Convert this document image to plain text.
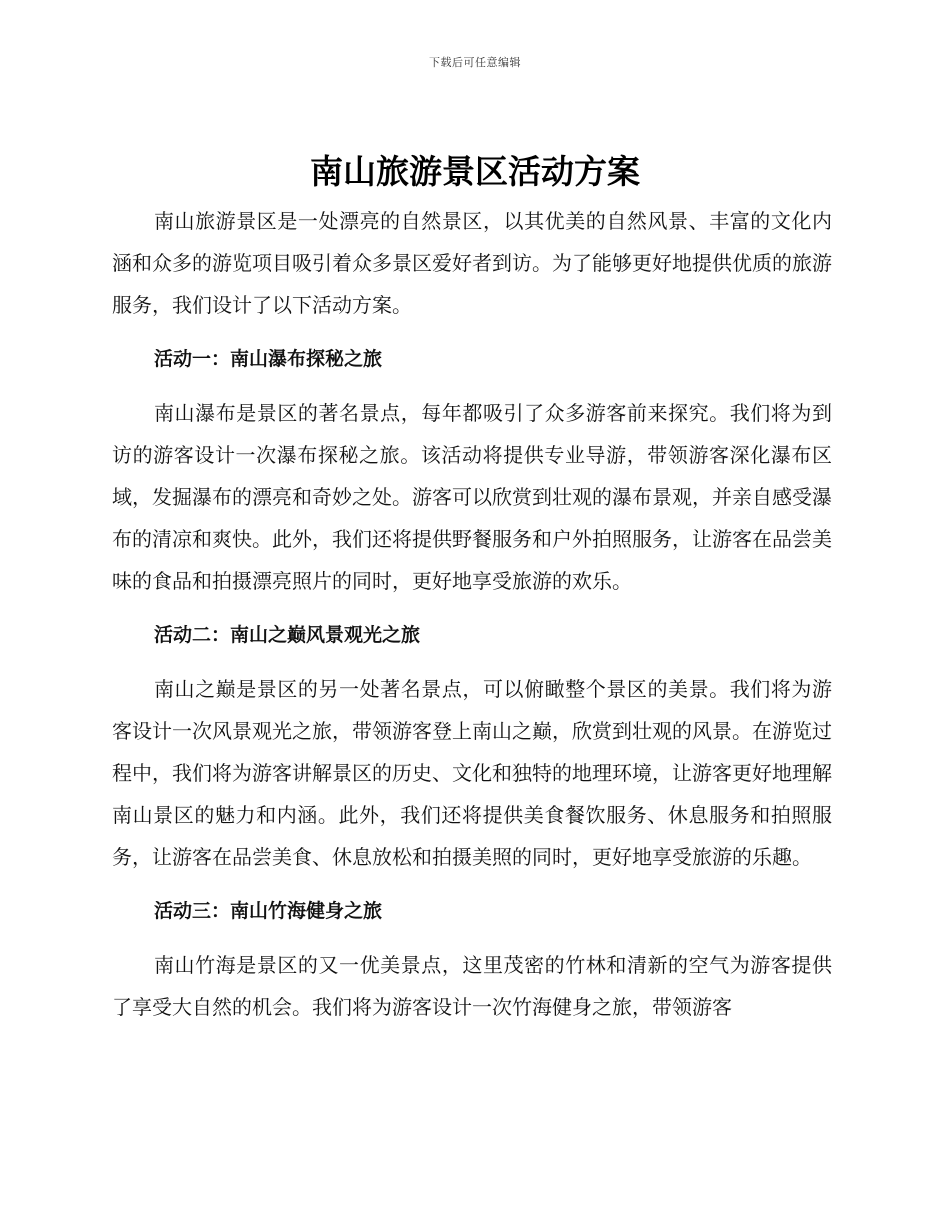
下载后可任意编辑
南山旅游景区活动方案

南山旅游景区是一处漂亮的自然景区，以其优美的自然风景、丰富的文化内涵和众多的游览项目吸引着众多景区爱好者到访。为了能够更好地提供优质的旅游服务，我们设计了以下活动方案。

活动一：南山瀑布探秘之旅

南山瀑布是景区的著名景点，每年都吸引了众多游客前来探究。我们将为到访的游客设计一次瀑布探秘之旅。该活动将提供专业导游，带领游客深化瀑布区域，发掘瀑布的漂亮和奇妙之处。游客可以欣赏到壮观的瀑布景观，并亲自感受瀑布的清凉和爽快。此外，我们还将提供野餐服务和户外拍照服务，让游客在品尝美味的食品和拍摄漂亮照片的同时，更好地享受旅游的欢乐。

活动二：南山之巅风景观光之旅

南山之巅是景区的另一处著名景点，可以俯瞰整个景区的美景。我们将为游客设计一次风景观光之旅，带领游客登上南山之巅，欣赏到壮观的风景。在游览过程中，我们将为游客讲解景区的历史、文化和独特的地理环境，让游客更好地理解南山景区的魅力和内涵。此外，我们还将提供美食餐饮服务、休息服务和拍照服务，让游客在品尝美食、休息放松和拍摄美照的同时，更好地享受旅游的乐趣。

活动三：南山竹海健身之旅

南山竹海是景区的又一优美景点，这里茂密的竹林和清新的空气为游客提供了享受大自然的机会。我们将为游客设计一次竹海健身之旅，带领游客
